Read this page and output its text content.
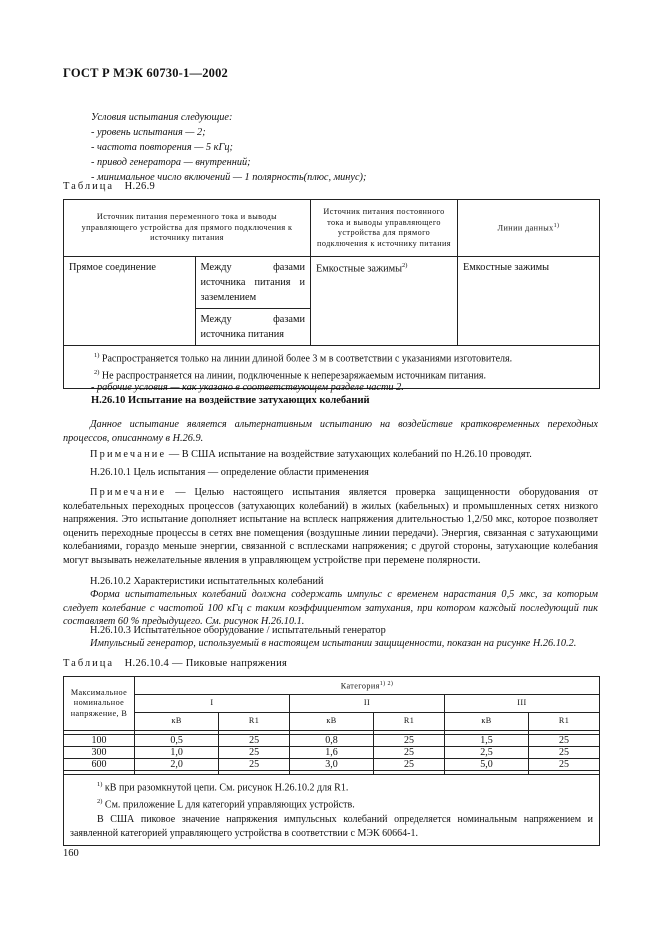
ГОСТ Р МЭК 60730-1—2002
Условия испытания следующие:
- уровень испытания — 2;
- частота повторения — 5 кГц;
- привод генератора — внутренний;
- минимальное число включений — 1 полярность(плюс, минус);
Таблица Н.26.9
Источник питания переменного тока и выводы управляющего устройства для прямого подключения к источнику питания		Источник питания постоянного тока и выводы управляющего устройства для прямого подключения к источнику питания	Линии данных$^{1)}$
Прямое соединение	Между фазами источника питания и заземлением	Емкостные зажимы$^{2)}$	Емкостные зажимы
	Между фазами источника питания		

$^{1)}$ Распространяется только на линии длиной более 3 м в соответствии с указаниями изготовителя.
$^{2)}$ Не распространяется на линии, подключенные к неперезаряжаемым источникам питания.			
- рабочие условия — как указано в соответствующем разделе части 2.
Н.26.10 Испытание на воздействие затухающих колебаний
Данное испытание является альтернативным испытанию на воздействие кратковременных переходных процессов, описанному в Н.26.9.
Примечание — В США испытание на воздействие затухающих колебаний по Н.26.10 проводят.
Н.26.10.1 Цель испытания — определение области применения
Примечание — Целью настоящего испытания является проверка защищенности оборудования от колебательных переходных процессов (затухающих колебаний) в жилых (кабельных) и промышленных сетях низкого напряжения. Это испытание дополняет испытание на всплеск напряжения длительностью 1,2/50 мкс, которое позволяет оценить переходные процессы в сетях вне помещения (воздушные линии передачи). Энергия, связанная с затухающими колебаниями, гораздо меньше энергии, связанной с всплесками напряжения; с другой стороны, затухающие колебания могут вызывать нежелательные явления в управляющем устройстве при перемене полярности.
Н.26.10.2 Характеристики испытательных колебаний
Форма испытательных колебаний должна содержать импульс с временем нарастания 0,5 мкс, за которым следует колебание с частотой 100 кГц с таким коэффициентом затухания, при котором каждый последующий пик составляет 60 % предыдущего. См. рисунок Н.26.10.1.
Н.26.10.3 Испытательное оборудование / испытательный генератор
Импульсный генератор, используемый в настоящем испытании защищенности, показан на рисунке Н.26.10.2.
Таблица Н.26.10.4 — Пиковые напряжения
Максимальное номинальное напряжение, В	Категория$^{1) 2)}$
	I		II		III	
	кВ	R1	кВ	R1	кВ	R1

100	0,5	25	0,8	25	1,5	25
300	1,0	25	1,6	25	2,5	25
600	2,0	25	3,0	25	5,0	25

$^{1)}$ кВ при разомкнутой цепи. См. рисунок Н.26.10.2 для R1.
$^{2)}$ См. приложение L для категорий управляющих устройств.
В США пиковое значение напряжения импульсных колебаний определяется номинальным напряжением и заявленной категорией управляющего устройства в соответствии с МЭК 60664-1.						
160
